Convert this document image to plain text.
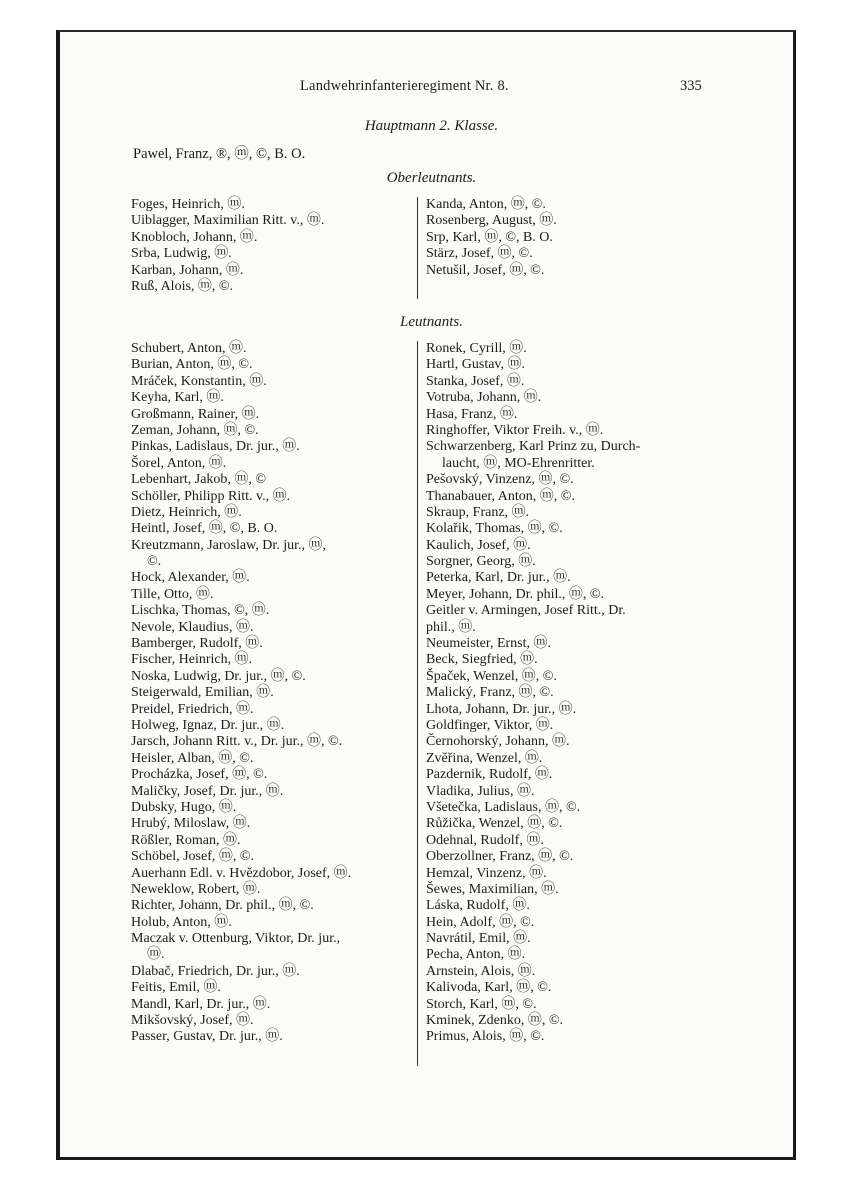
Landwehrinfanterieregiment Nr. 8.	335
Hauptmann 2. Klasse.
Pawel, Franz, ®, ⓜ, ©, B. O.
Oberleutnants.
Foges, Heinrich, ⓜ.
Uiblagger, Maximilian Ritt. v., ⓜ.
Knobloch, Johann, ⓜ.
Srba, Ludwig, ⓜ.
Karban, Johann, ⓜ.
Ruß, Alois, ⓜ, ©.
Kanda, Anton, ⓜ, ©.
Rosenberg, August, ⓜ.
Srp, Karl, ⓜ, ©, B. O.
Stärz, Josef, ⓜ, ©.
Netušil, Josef, ⓜ, ©.
Leutnants.
Schubert, Anton, ⓜ.
Burian, Anton, ⓜ, ©.
Mráček, Konstantin, ⓜ.
Keyha, Karl, ⓜ.
Großmann, Rainer, ⓜ.
Zeman, Johann, ⓜ, ©.
Pinkas, Ladislaus, Dr. jur., ⓜ.
Šorel, Anton, ⓜ.
Lebenhart, Jakob, ⓜ, ©
Schöller, Philipp Ritt. v., ⓜ.
Dietz, Heinrich, ⓜ.
Heintl, Josef, ⓜ, ©, B. O.
Kreutzmann, Jaroslaw, Dr. jur., ⓜ,
©.
Hock, Alexander, ⓜ.
Tille, Otto, ⓜ.
Lischka, Thomas, ©, ⓜ.
Nevole, Klaudius, ⓜ.
Bamberger, Rudolf, ⓜ.
Fischer, Heinrich, ⓜ.
Noska, Ludwig, Dr. jur., ⓜ, ©.
Steigerwald, Emilian, ⓜ.
Preidel, Friedrich, ⓜ.
Holweg, Ignaz, Dr. jur., ⓜ.
Jarsch, Johann Ritt. v., Dr. jur., ⓜ, ©.
Heisler, Alban, ⓜ, ©.
Procházka, Josef, ⓜ, ©.
Maličky, Josef, Dr. jur., ⓜ.
Dubsky, Hugo, ⓜ.
Hrubý, Miloslaw, ⓜ.
Rößler, Roman, ⓜ.
Schöbel, Josef, ⓜ, ©.
Auerhann Edl. v. Hvězdobor, Josef, ⓜ.
Neweklow, Robert, ⓜ.
Richter, Johann, Dr. phil., ⓜ, ©.
Holub, Anton, ⓜ.
Maczak v. Ottenburg, Viktor, Dr. jur.,
ⓜ.
Dlabač, Friedrich, Dr. jur., ⓜ.
Feitis, Emil, ⓜ.
Mandl, Karl, Dr. jur., ⓜ.
Mikšovský, Josef, ⓜ.
Passer, Gustav, Dr. jur., ⓜ.
Ronek, Cyrill, ⓜ.
Hartl, Gustav, ⓜ.
Stanka, Josef, ⓜ.
Votruba, Johann, ⓜ.
Hasa, Franz, ⓜ.
Ringhoffer, Viktor Freih. v., ⓜ.
Schwarzenberg, Karl Prinz zu, Durch-
laucht, ⓜ, MO-Ehrenritter.
Pešovský, Vinzenz, ⓜ, ©.
Thanabauer, Anton, ⓜ, ©.
Skraup, Franz, ⓜ.
Kolařik, Thomas, ⓜ, ©.
Kaulich, Josef, ⓜ.
Sorgner, Georg, ⓜ.
Peterka, Karl, Dr. jur., ⓜ.
Meyer, Johann, Dr. phil., ⓜ, ©.
Geitler v. Armingen, Josef Ritt., Dr.
phil., ⓜ.
Neumeister, Ernst, ⓜ.
Beck, Siegfried, ⓜ.
Špaček, Wenzel, ⓜ, ©.
Malický, Franz, ⓜ, ©.
Lhota, Johann, Dr. jur., ⓜ.
Goldfinger, Viktor, ⓜ.
Černohorský, Johann, ⓜ.
Zvěřina, Wenzel, ⓜ.
Pazdernik, Rudolf, ⓜ.
Vladika, Julius, ⓜ.
Všetečka, Ladislaus, ⓜ, ©.
Růžička, Wenzel, ⓜ, ©.
Odehnal, Rudolf, ⓜ.
Oberzollner, Franz, ⓜ, ©.
Hemzal, Vinzenz, ⓜ.
Šewes, Maximilian, ⓜ.
Láska, Rudolf, ⓜ.
Hein, Adolf, ⓜ, ©.
Navrátil, Emil, ⓜ.
Pecha, Anton, ⓜ.
Arnstein, Alois, ⓜ.
Kalivoda, Karl, ⓜ, ©.
Storch, Karl, ⓜ, ©.
Kminek, Zdenko, ⓜ, ©.
Primus, Alois, ⓜ, ©.
